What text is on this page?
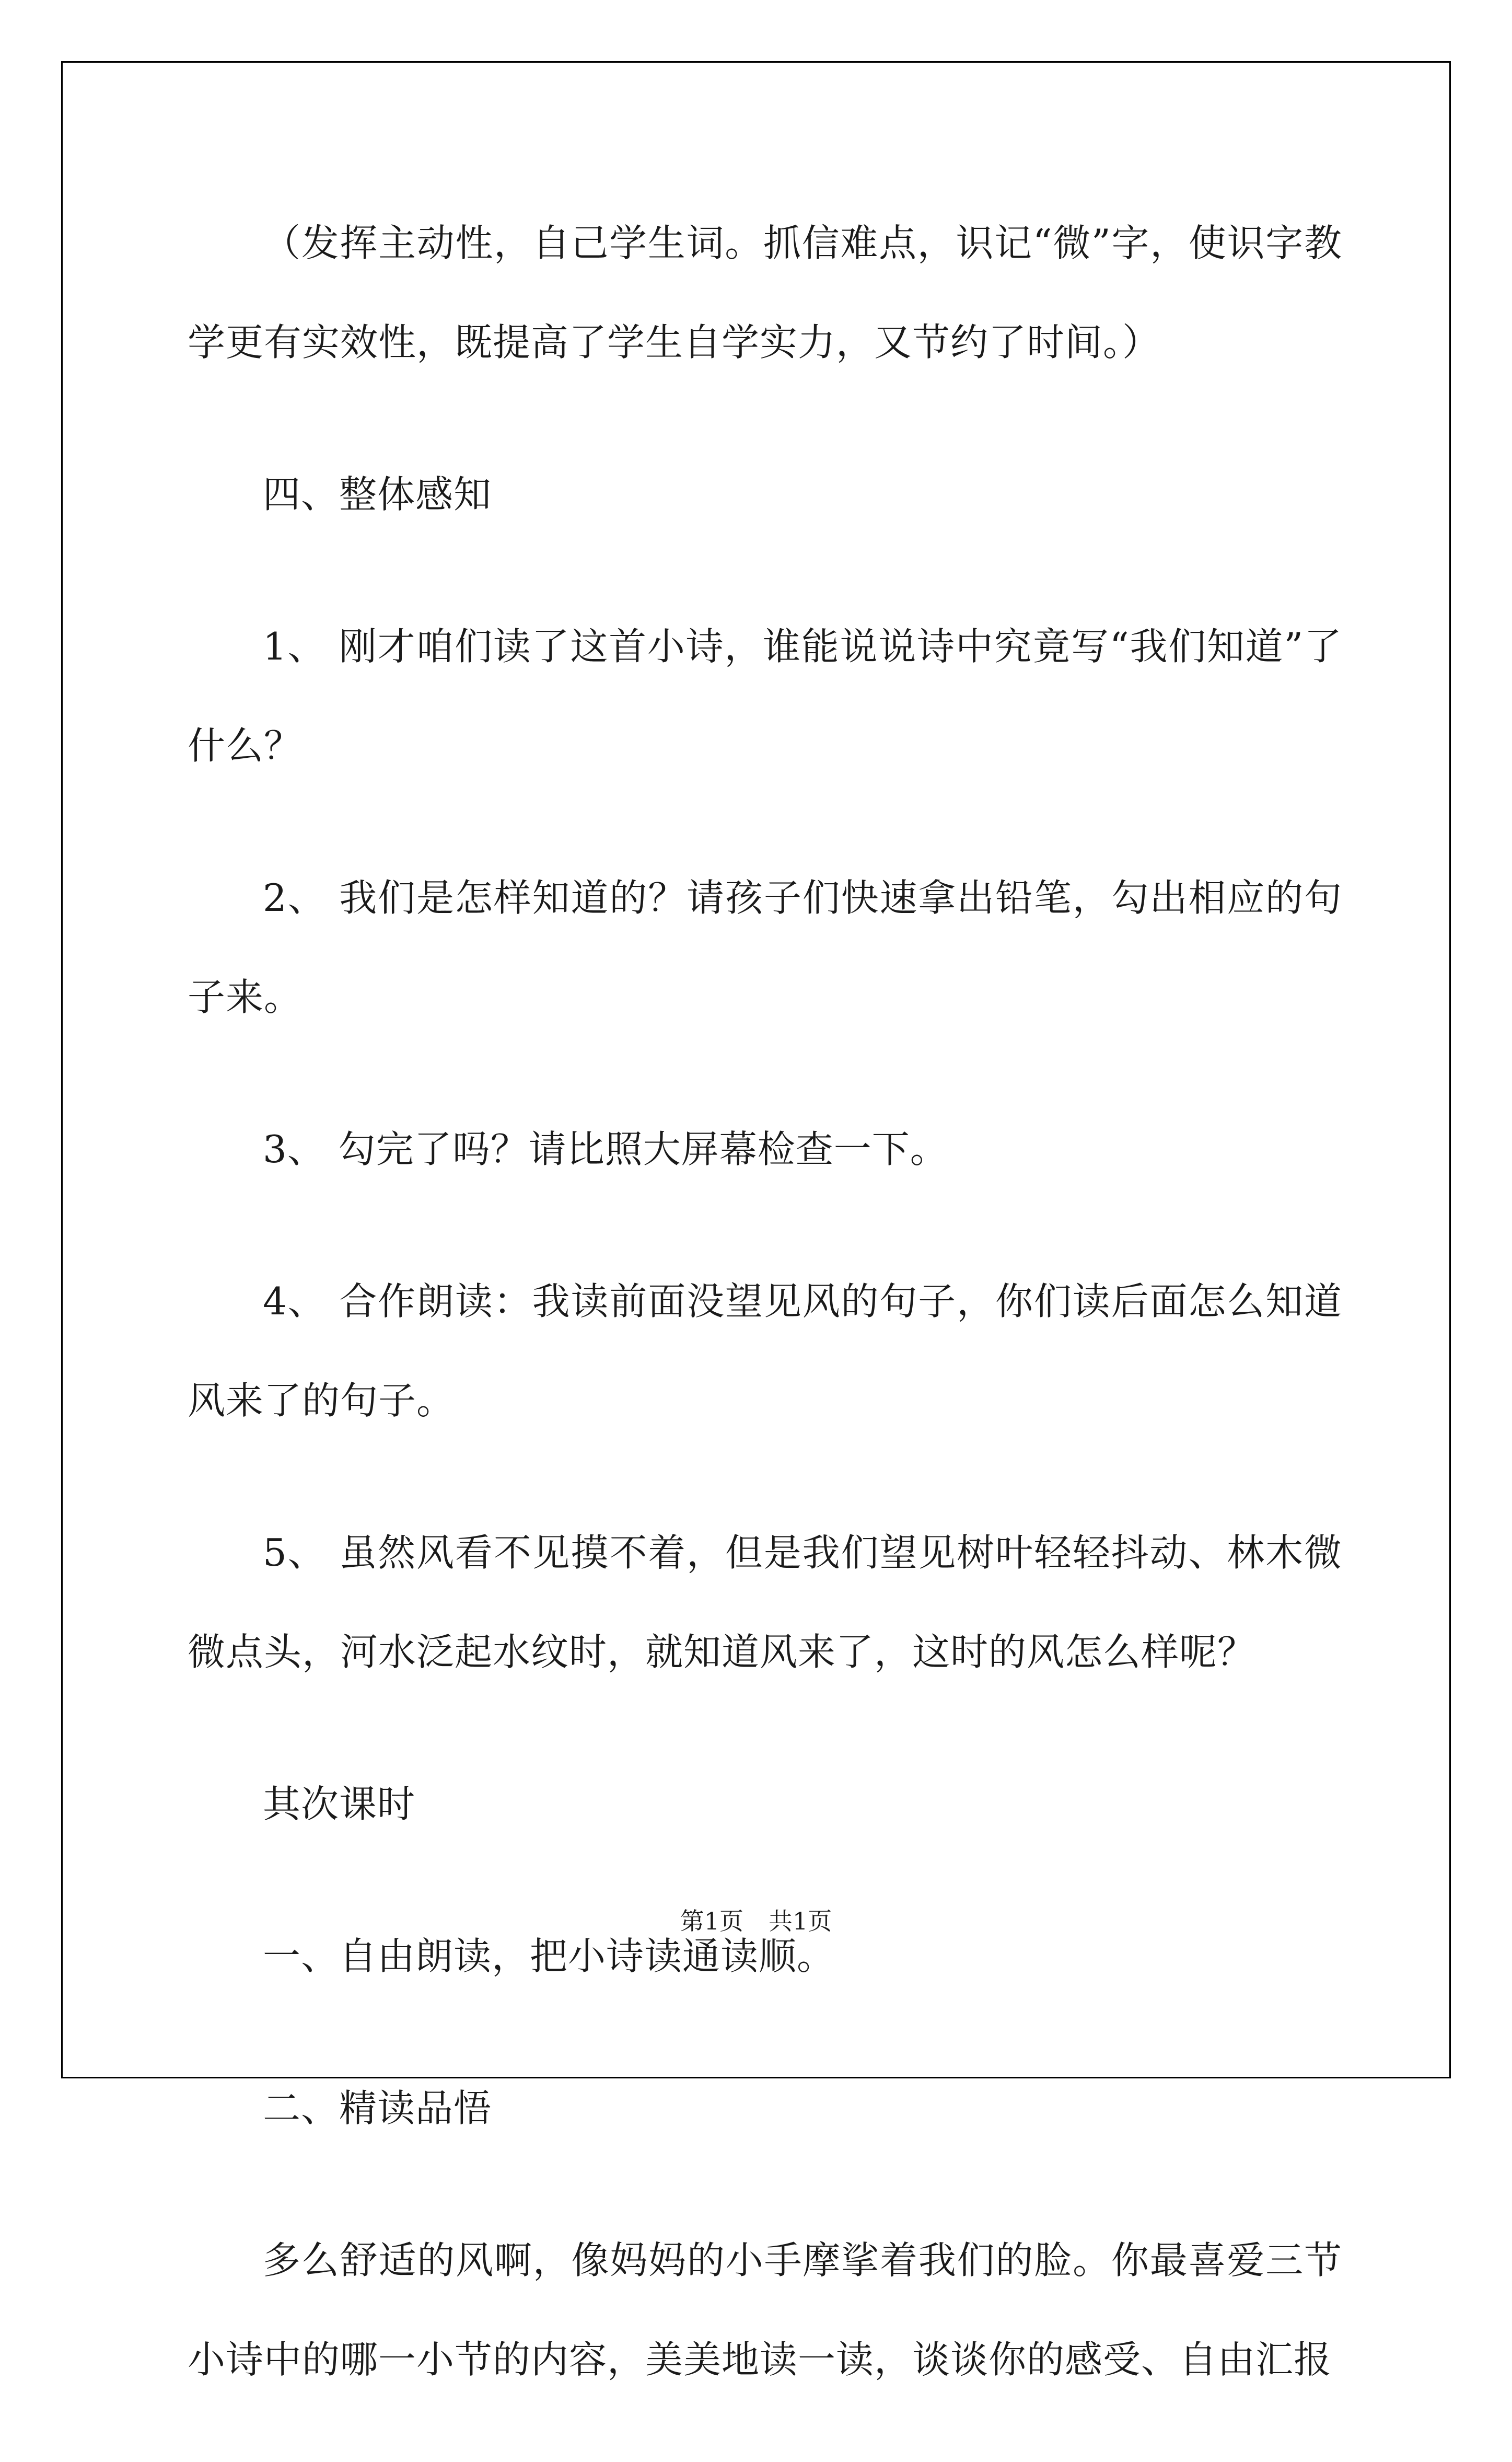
（发挥主动性，自己学生词。抓信难点，识记“微”字，使识字教学更有实效性，既提高了学生自学实力，又节约了时间。）

四、整体感知

1、 刚才咱们读了这首小诗，谁能说说诗中究竟写“我们知道”了什么？

2、 我们是怎样知道的？请孩子们快速拿出铅笔，勾出相应的句子来。

3、 勾完了吗？请比照大屏幕检查一下。

4、 合作朗读：我读前面没望见风的句子，你们读后面怎么知道风来了的句子。

5、 虽然风看不见摸不着，但是我们望见树叶轻轻抖动、林木微微点头，河水泛起水纹时，就知道风来了，这时的风怎么样呢？

其次课时

一、自由朗读，把小诗读通读顺。

二、精读品悟

多么舒适的风啊，像妈妈的小手摩挲着我们的脸。你最喜爱三节小诗中的哪一小节的内容，美美地读一读，谈谈你的感受、自由汇报

第1页 共1页
